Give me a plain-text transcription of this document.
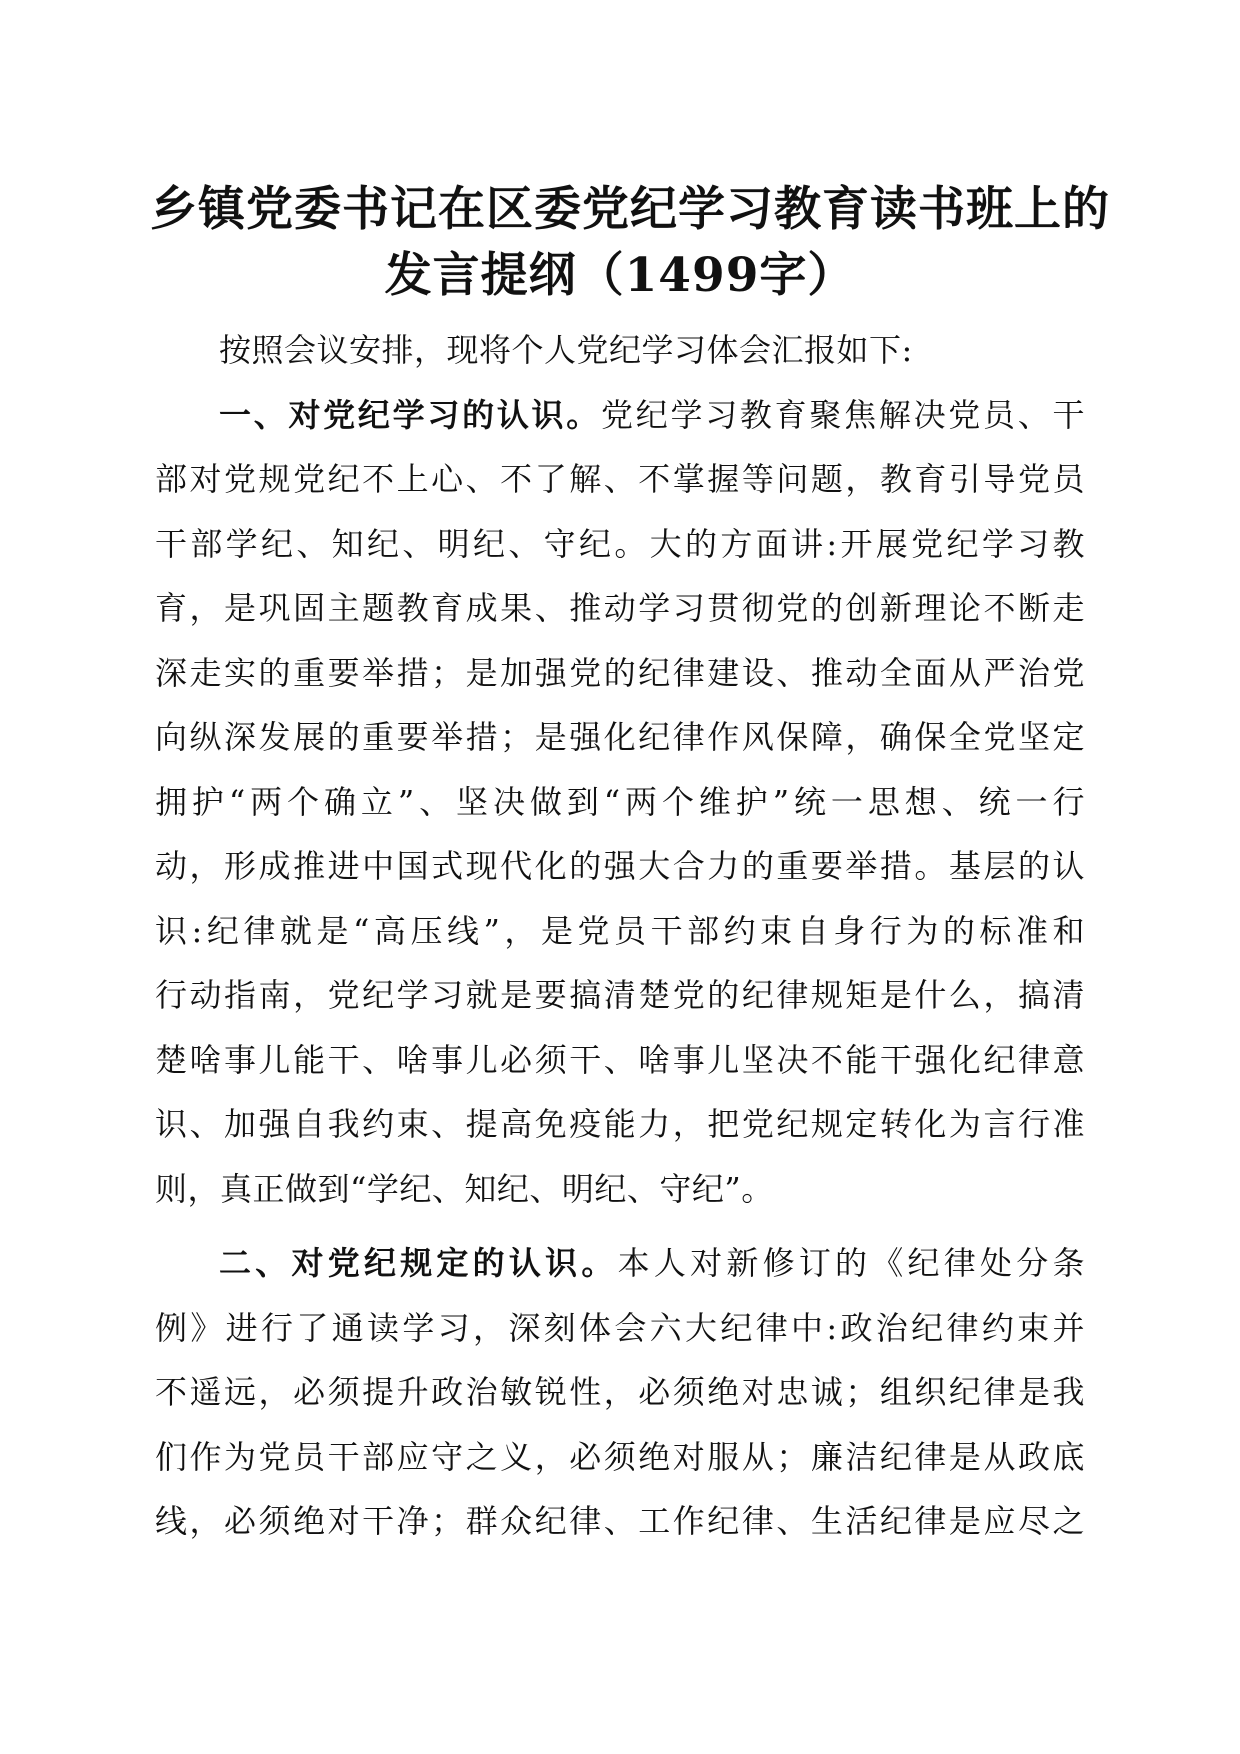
乡镇党委书记在区委党纪学习教育读书班上的
发言提纲（1499字）
按照会议安排，现将个人党纪学习体会汇报如下:
一、对党纪学习的认识。党纪学习教育聚焦解决党员、干
部对党规党纪不上心、不了解、不掌握等问题，教育引导党员
干部学纪、知纪、明纪、守纪。大的方面讲:开展党纪学习教
育，是巩固主题教育成果、推动学习贯彻党的创新理论不断走
深走实的重要举措；是加强党的纪律建设、推动全面从严治党
向纵深发展的重要举措；是强化纪律作风保障，确保全党坚定
拥护“两个确立”、坚决做到“两个维护”统一思想、统一行
动，形成推进中国式现代化的强大合力的重要举措。基层的认
识:纪律就是“高压线”，是党员干部约束自身行为的标准和
行动指南，党纪学习就是要搞清楚党的纪律规矩是什么，搞清
楚啥事儿能干、啥事儿必须干、啥事儿坚决不能干强化纪律意
识、加强自我约束、提高免疫能力，把党纪规定转化为言行准
则，真正做到“学纪、知纪、明纪、守纪”。
二、对党纪规定的认识。本人对新修订的《纪律处分条
例》进行了通读学习，深刻体会六大纪律中:政治纪律约束并
不遥远，必须提升政治敏锐性，必须绝对忠诚；组织纪律是我
们作为党员干部应守之义，必须绝对服从；廉洁纪律是从政底
线，必须绝对干净；群众纪律、工作纪律、生活纪律是应尽之
